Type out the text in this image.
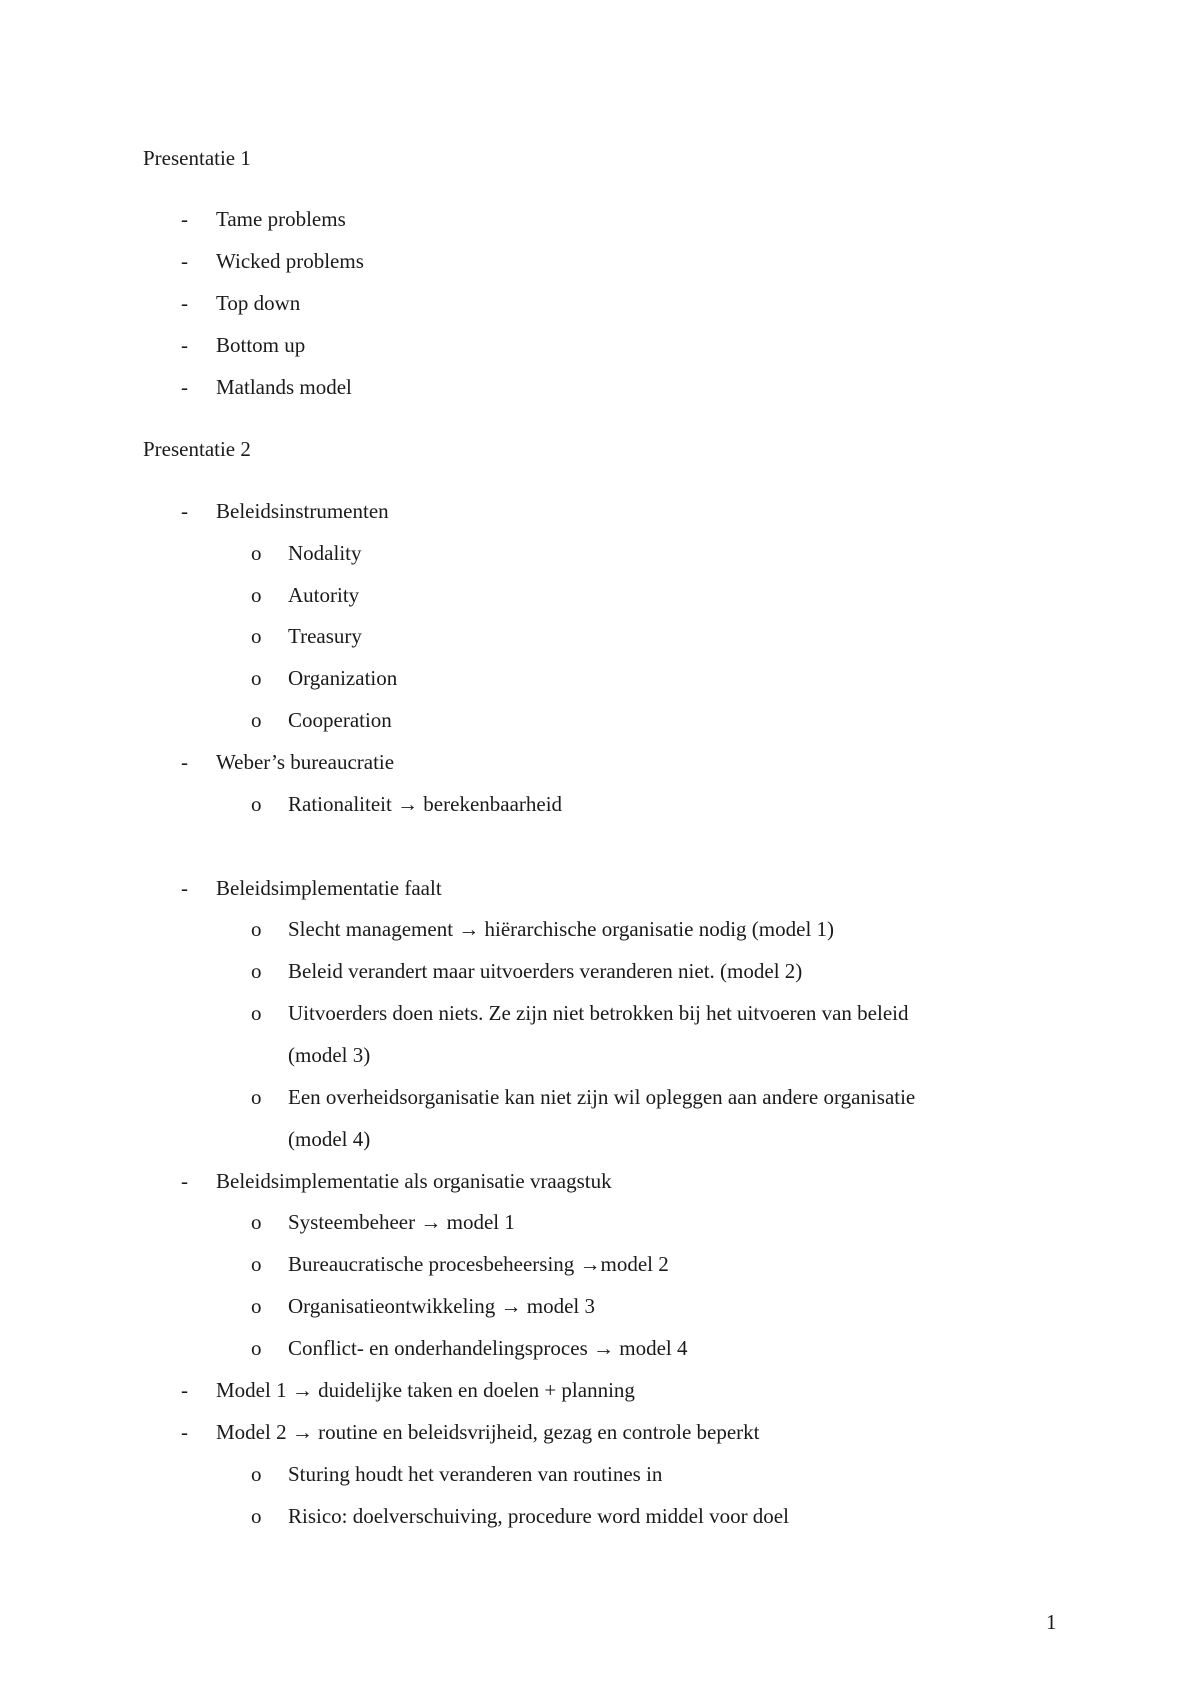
Presentatie 1
-	Tame problems
-	Wicked problems
-	Top down
-	Bottom up
-	Matlands model
Presentatie 2
-	Beleidsinstrumenten
o Nodality
o Autority
o Treasury
o Organization
o Cooperation
-	Weber’s bureaucratie
o Rationaliteit → berekenbaarheid
-	Beleidsimplementatie faalt
o Slecht management → hiërarchische organisatie nodig (model 1)
o Beleid verandert maar uitvoerders veranderen niet. (model 2)
o Uitvoerders doen niets. Ze zijn niet betrokken bij het uitvoeren van beleid
(model 3)
o Een overheidsorganisatie kan niet zijn wil opleggen aan andere organisatie
(model 4)
-	Beleidsimplementatie als organisatie vraagstuk
o Systeembeheer → model 1
o Bureaucratische procesbeheersing →model 2
o Organisatieontwikkeling → model 3
o Conflict- en onderhandelingsproces → model 4
-	Model 1 → duidelijke taken en doelen + planning
-	Model 2 → routine en beleidsvrijheid, gezag en controle beperkt
o Sturing houdt het veranderen van routines in
o Risico: doelverschuiving, procedure word middel voor doel
1
